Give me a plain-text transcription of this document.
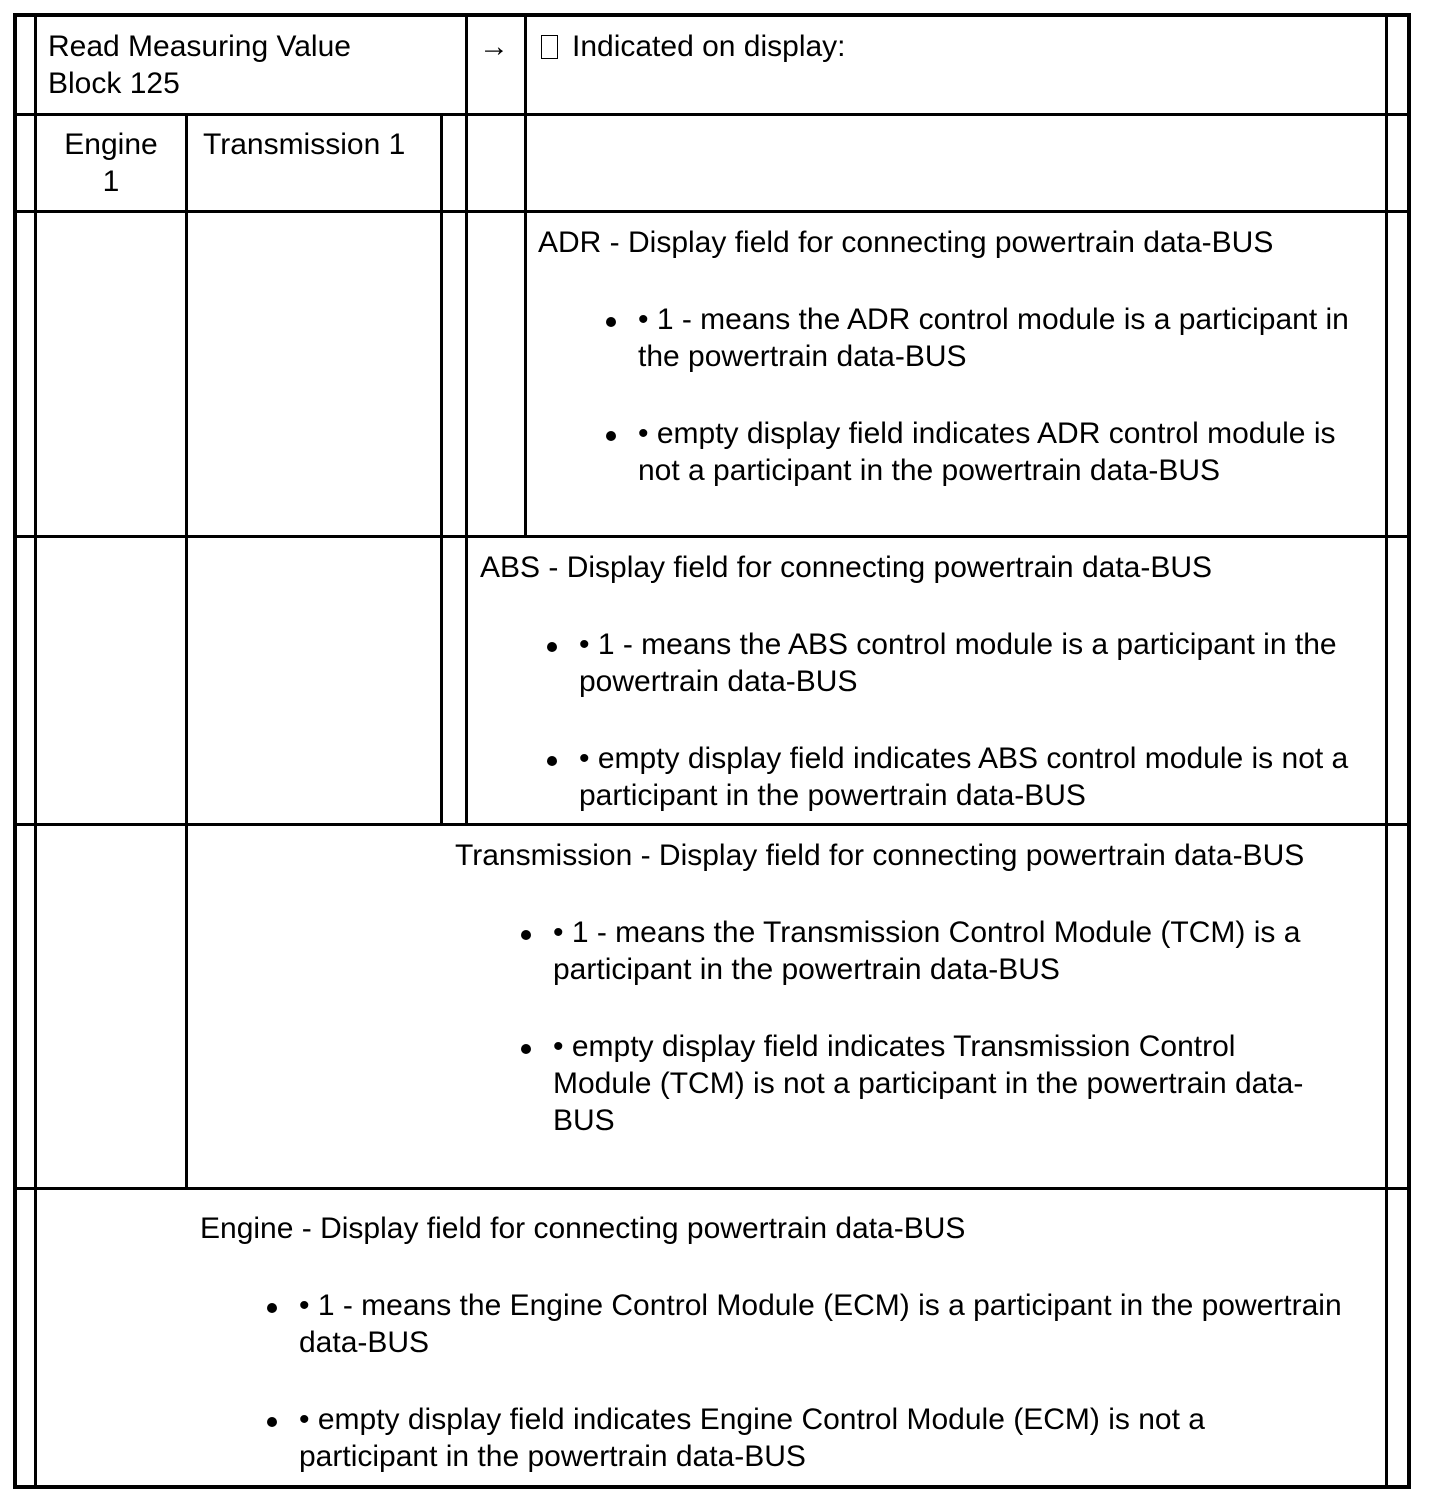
Read Measuring Value
Block 125
→	Indicated on display:
Engine
1
Transmission 1
ADR - Display field for connecting powertrain data-BUS
• 1 - means the ADR control module is a participant in the powertrain data-BUS
• empty display field indicates ADR control module is not a participant in the powertrain data-BUS
ABS - Display field for connecting powertrain data-BUS
• 1 - means the ABS control module is a participant in the powertrain data-BUS
• empty display field indicates ABS control module is not a participant in the powertrain data-BUS
Transmission - Display field for connecting powertrain data-BUS
• 1 - means the Transmission Control Module (TCM) is a participant in the powertrain data-BUS
• empty display field indicates Transmission Control Module (TCM) is not a participant in the powertrain data-BUS
Engine - Display field for connecting powertrain data-BUS
• 1 - means the Engine Control Module (ECM) is a participant in the powertrain data-BUS
• empty display field indicates Engine Control Module (ECM) is not a participant in the powertrain data-BUS
